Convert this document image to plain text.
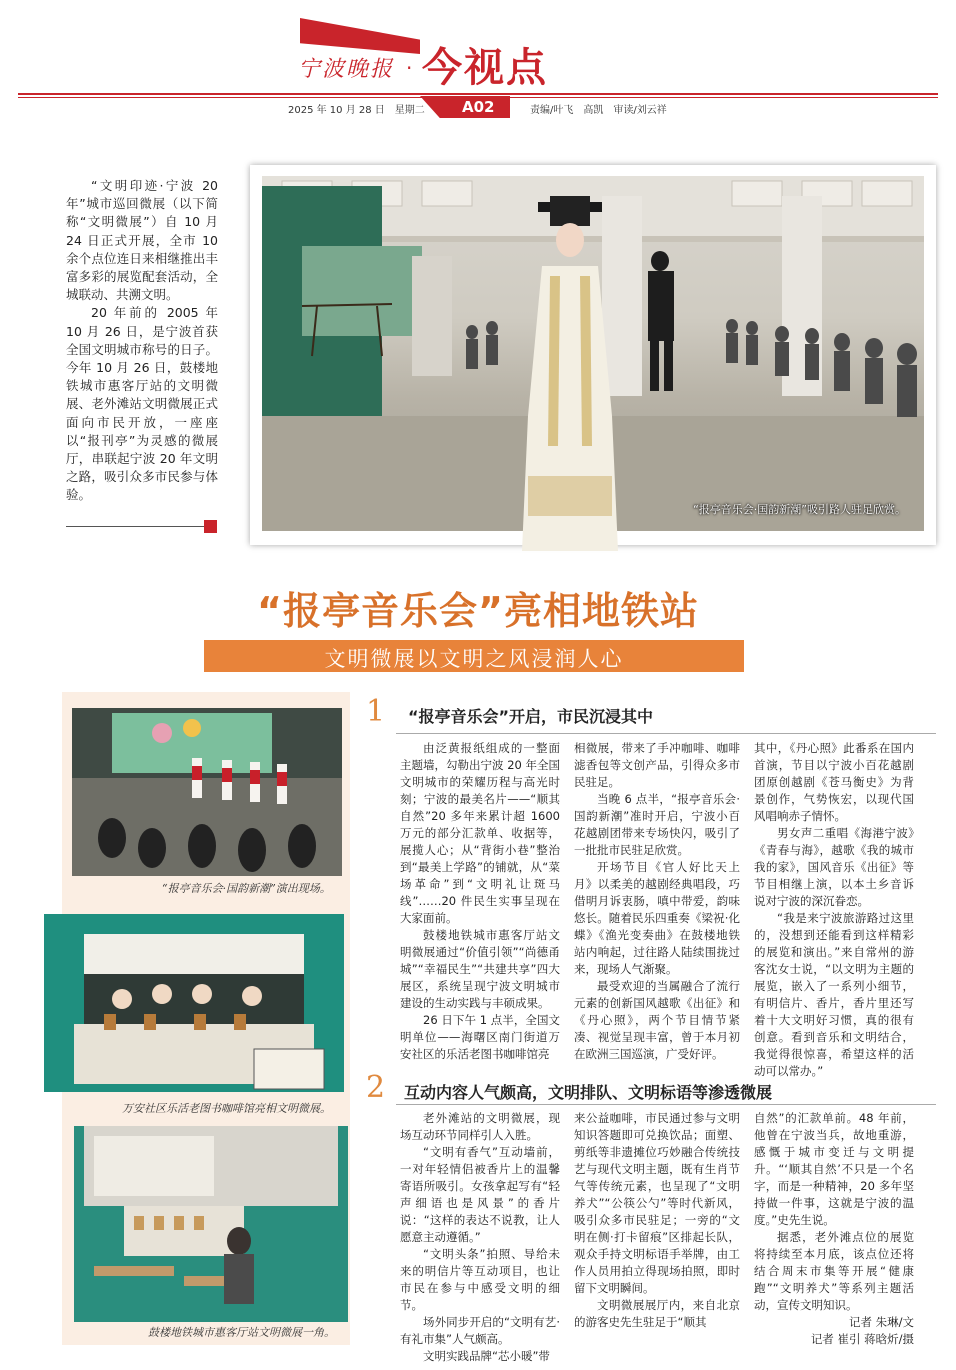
宁波晚报 · 今视点
2025 年 10 月 28 日　星期二 A02	责编/叶飞　高凯　审读/刘云祥

“文明印迹·宁波 20 年”城市巡回微展（以下简称“文明微展”）自 10 月 24 日正式开展，全市 10 余个点位连日来相继推出丰富多彩的展览配套活动，全城联动、共溯文明。

20 年前的 2005 年 10 月 26 日，是宁波首获全国文明城市称号的日子。今年 10 月 26 日，鼓楼地铁城市惠客厅站的文明微展、老外滩站文明微展正式面向市民开放，一座座以“报刊亭”为灵感的微展厅，串联起宁波 20 年文明之路，吸引众多市民参与体验。

“报亭音乐会·国韵新潮”吸引路人驻足欣赏。
“报亭音乐会”亮相地铁站
文明微展以文明之风浸润人心
“报亭音乐会·国韵新潮”演出现场。
万安社区乐活老图书咖啡馆亮相文明微展。
鼓楼地铁城市惠客厅站文明微展一角。
1 “报亭音乐会”开启，市民沉浸其中

由泛黄报纸组成的一整面主题墙，勾勒出宁波 20 年全国文明城市的荣耀历程与高光时刻；宁波的最美名片——“顺其自然”20 多年来累计超 1600 万元的部分汇款单、收据等，展揽人心；从“背街小巷”整治到“最美上学路”的铺就，从“菜场革命”到“文明礼让斑马线”……20 件民生实事呈现在大家面前。

鼓楼地铁城市惠客厅站文明微展通过“价值引领”“尚德甬城”“幸福民生”“共建共享”四大展区，系统呈现宁波文明城市建设的生动实践与丰硕成果。

26 日下午 1 点半，全国文明单位——海曙区南门街道万安社区的乐活老图书咖啡馆亮

相微展，带来了手冲咖啡、咖啡滤香包等文创产品，引得众多市民驻足。

当晚 6 点半，“报亭音乐会·国韵新潮”准时开启，宁波小百花越剧团带来专场快闪，吸引了一批批市民驻足欣赏。

开场节目《官人好比天上月》以柔美的越剧经典唱段，巧借明月诉衷肠，嗔中带爱，韵味悠长。随着民乐四重奏《梁祝·化蝶》《渔光变奏曲》在鼓楼地铁站内响起，过往路人陆续围拢过来，现场人气渐聚。

最受欢迎的当属融合了流行元素的创新国风越歌《出征》和《丹心照》，两个节目情节紧凑、视觉呈现丰富，曾于本月初在欧洲三国巡演，广受好评。

其中，《丹心照》此番系在国内首演，节目以宁波小百花越剧团原创越剧《苍马衡史》为背景创作，气势恢宏，以现代国风唱响赤子情怀。

男女声二重唱《海港宁波》《青春与海》，越歌《我的城市我的家》，国风音乐《出征》等节目相继上演，以本土乡音诉说对宁波的深沉眷恋。

“我是来宁波旅游路过这里的，没想到还能看到这样精彩的展览和演出。”来自常州的游客沈女士说，“以文明为主题的展览，嵌入了一系列小细节，有明信片、香片，香片里还写着十大文明好习惯，真的很有创意。看到音乐和文明结合，我觉得很惊喜，希望这样的活动可以常办。”

2 互动内容人气颇高，文明排队、文明标语等渗透微展

老外滩站的文明微展，现场互动环节同样引人入胜。

“文明有香气”互动墙前，一对年轻情侣被香片上的温馨寄语所吸引。女孩拿起写有“轻声细语也是风景”的香片说：“这样的表达不说教，让人愿意主动遵循。”

“文明头条”拍照、导给未来的明信片等互动项目，也让市民在参与中感受文明的细节。

场外同步开启的“文明有艺·有礼市集”人气颇高。

文明实践品牌“芯小暖”带

来公益咖啡，市民通过参与文明知识答题即可兑换饮品；面塑、剪纸等非遗摊位巧妙融合传统技艺与现代文明主题，既有生肖节气等传统元素，也呈现了“文明养犬”“公筷公勺”等时代新风，吸引众多市民驻足；一旁的“文明在侧·打卡留痕”区排起长队，观众手持文明标语手举牌，由工作人员用拍立得现场拍照，即时留下文明瞬间。

文明微展展厅内，来自北京的游客史先生驻足于“顺其

自然”的汇款单前。48 年前，他曾在宁波当兵，故地重游，感慨于城市变迁与文明提升。“‘顺其自然’不只是一个名字，而是一种精神，20 多年坚持做一件事，这就是宁波的温度。”史先生说。

据悉，老外滩点位的展览将持续至本月底，该点位还将结合周末市集等开展“健康跑”“文明养犬”等系列主题活动，宣传文明知识。

记者 朱琳/文
记者 崔引 蒋晗炘/摄
